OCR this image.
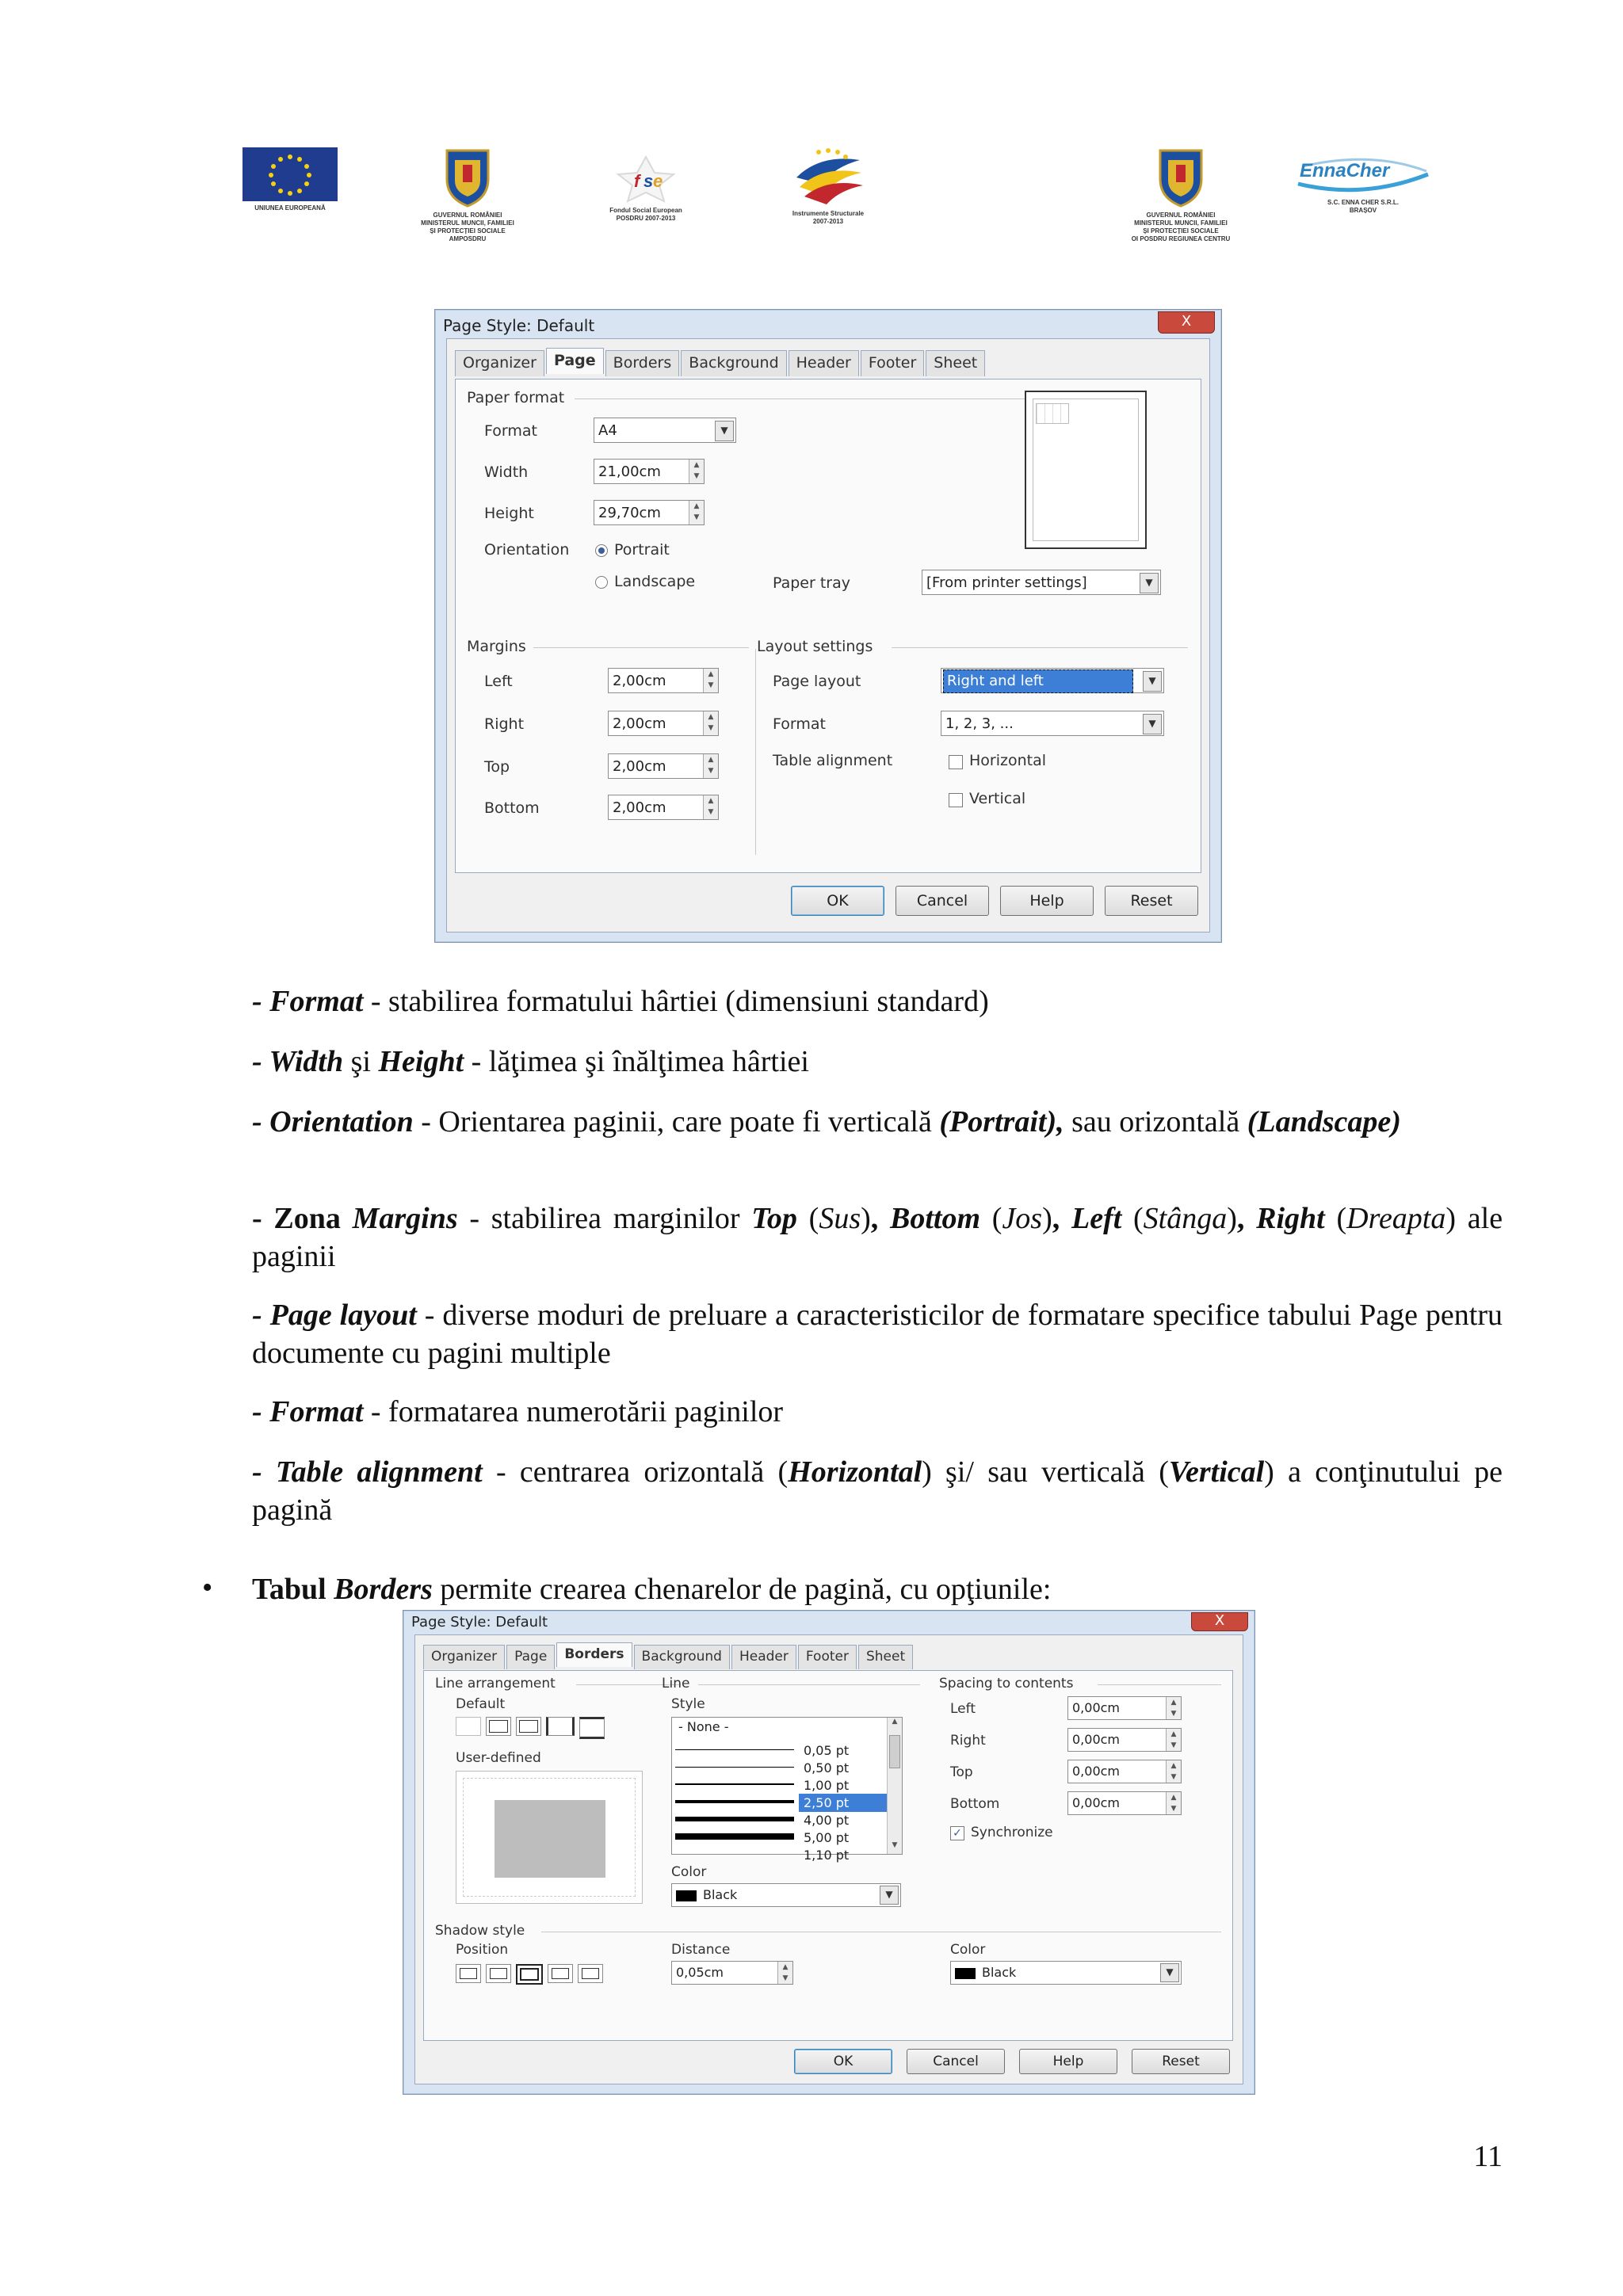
UNIUNEA EUROPEANĂ
GUVERNUL ROMÂNIEI
MINISTERUL MUNCII, FAMILIEI
ȘI PROTECȚIEI SOCIALE
AMPOSDRU
f s e
Fondul Social European
POSDRU 2007-2013
Instrumente Structurale
2007-2013
GUVERNUL ROMÂNIEI
MINISTERUL MUNCII, FAMILIEI
ȘI PROTECȚIEI SOCIALE
OI POSDRU REGIUNEA CENTRU
EnnaCher
S.C. ENNA CHER S.R.L.
BRAȘOV
Page Style: Default	X
Organizer	Page	Borders	Background	Header	Footer	Sheet
Paper format
Format	A4	▼
Width	21,00cm	▲
▼
Height	29,70cm	▲
▼
Orientation	Portrait
Landscape	Paper tray	[From printer settings]	▼
Margins
Left	2,00cm	▲
▼
Right	2,00cm	▲
▼
Top	2,00cm	▲
▼
Bottom	2,00cm	▲
▼
Layout settings
Page layout	Right and left	▼
Format	1, 2, 3, ...	▼
Table alignment	Horizontal
Vertical
OK	Cancel	Help	Reset
- Format - stabilirea formatului hârtiei (dimensiuni standard)
- Width şi Height - lăţimea şi înălţimea hârtiei
- Orientation - Orientarea paginii, care poate fi verticală (Portrait), sau orizontală (Landscape)
- Zona Margins - stabilirea marginilor Top (Sus), Bottom (Jos), Left (Stânga), Right (Dreapta) ale paginii
- Page layout - diverse moduri de preluare a caracteristicilor de formatare specifice tabului Page pentru documente cu pagini multiple
- Format - formatarea numerotării paginilor
- Table alignment - centrarea orizontală (Horizontal) şi/ sau verticală (Vertical) a conţinutului pe pagină
• Tabul Borders permite crearea chenarelor de pagină, cu opţiunile:
Page Style: Default	X
Organizer	Page	Borders	Background	Header	Footer	Sheet
Line arrangement
Default
User-defined
Line
Style
- None -
0,05 pt
0,50 pt
1,00 pt
2,50 pt
4,00 pt
5,00 pt
1,10 pt
▲
▼
Color
Black	▼
Spacing to contents
Left	0,00cm	▲
▼
Right	0,00cm	▲
▼
Top	0,00cm	▲
▼
Bottom	0,00cm	▲
▼
✓ Synchronize
Shadow style
Position	Distance
0,05cm	▲
▼
Color
Black	▼
OK	Cancel	Help	Reset
11
